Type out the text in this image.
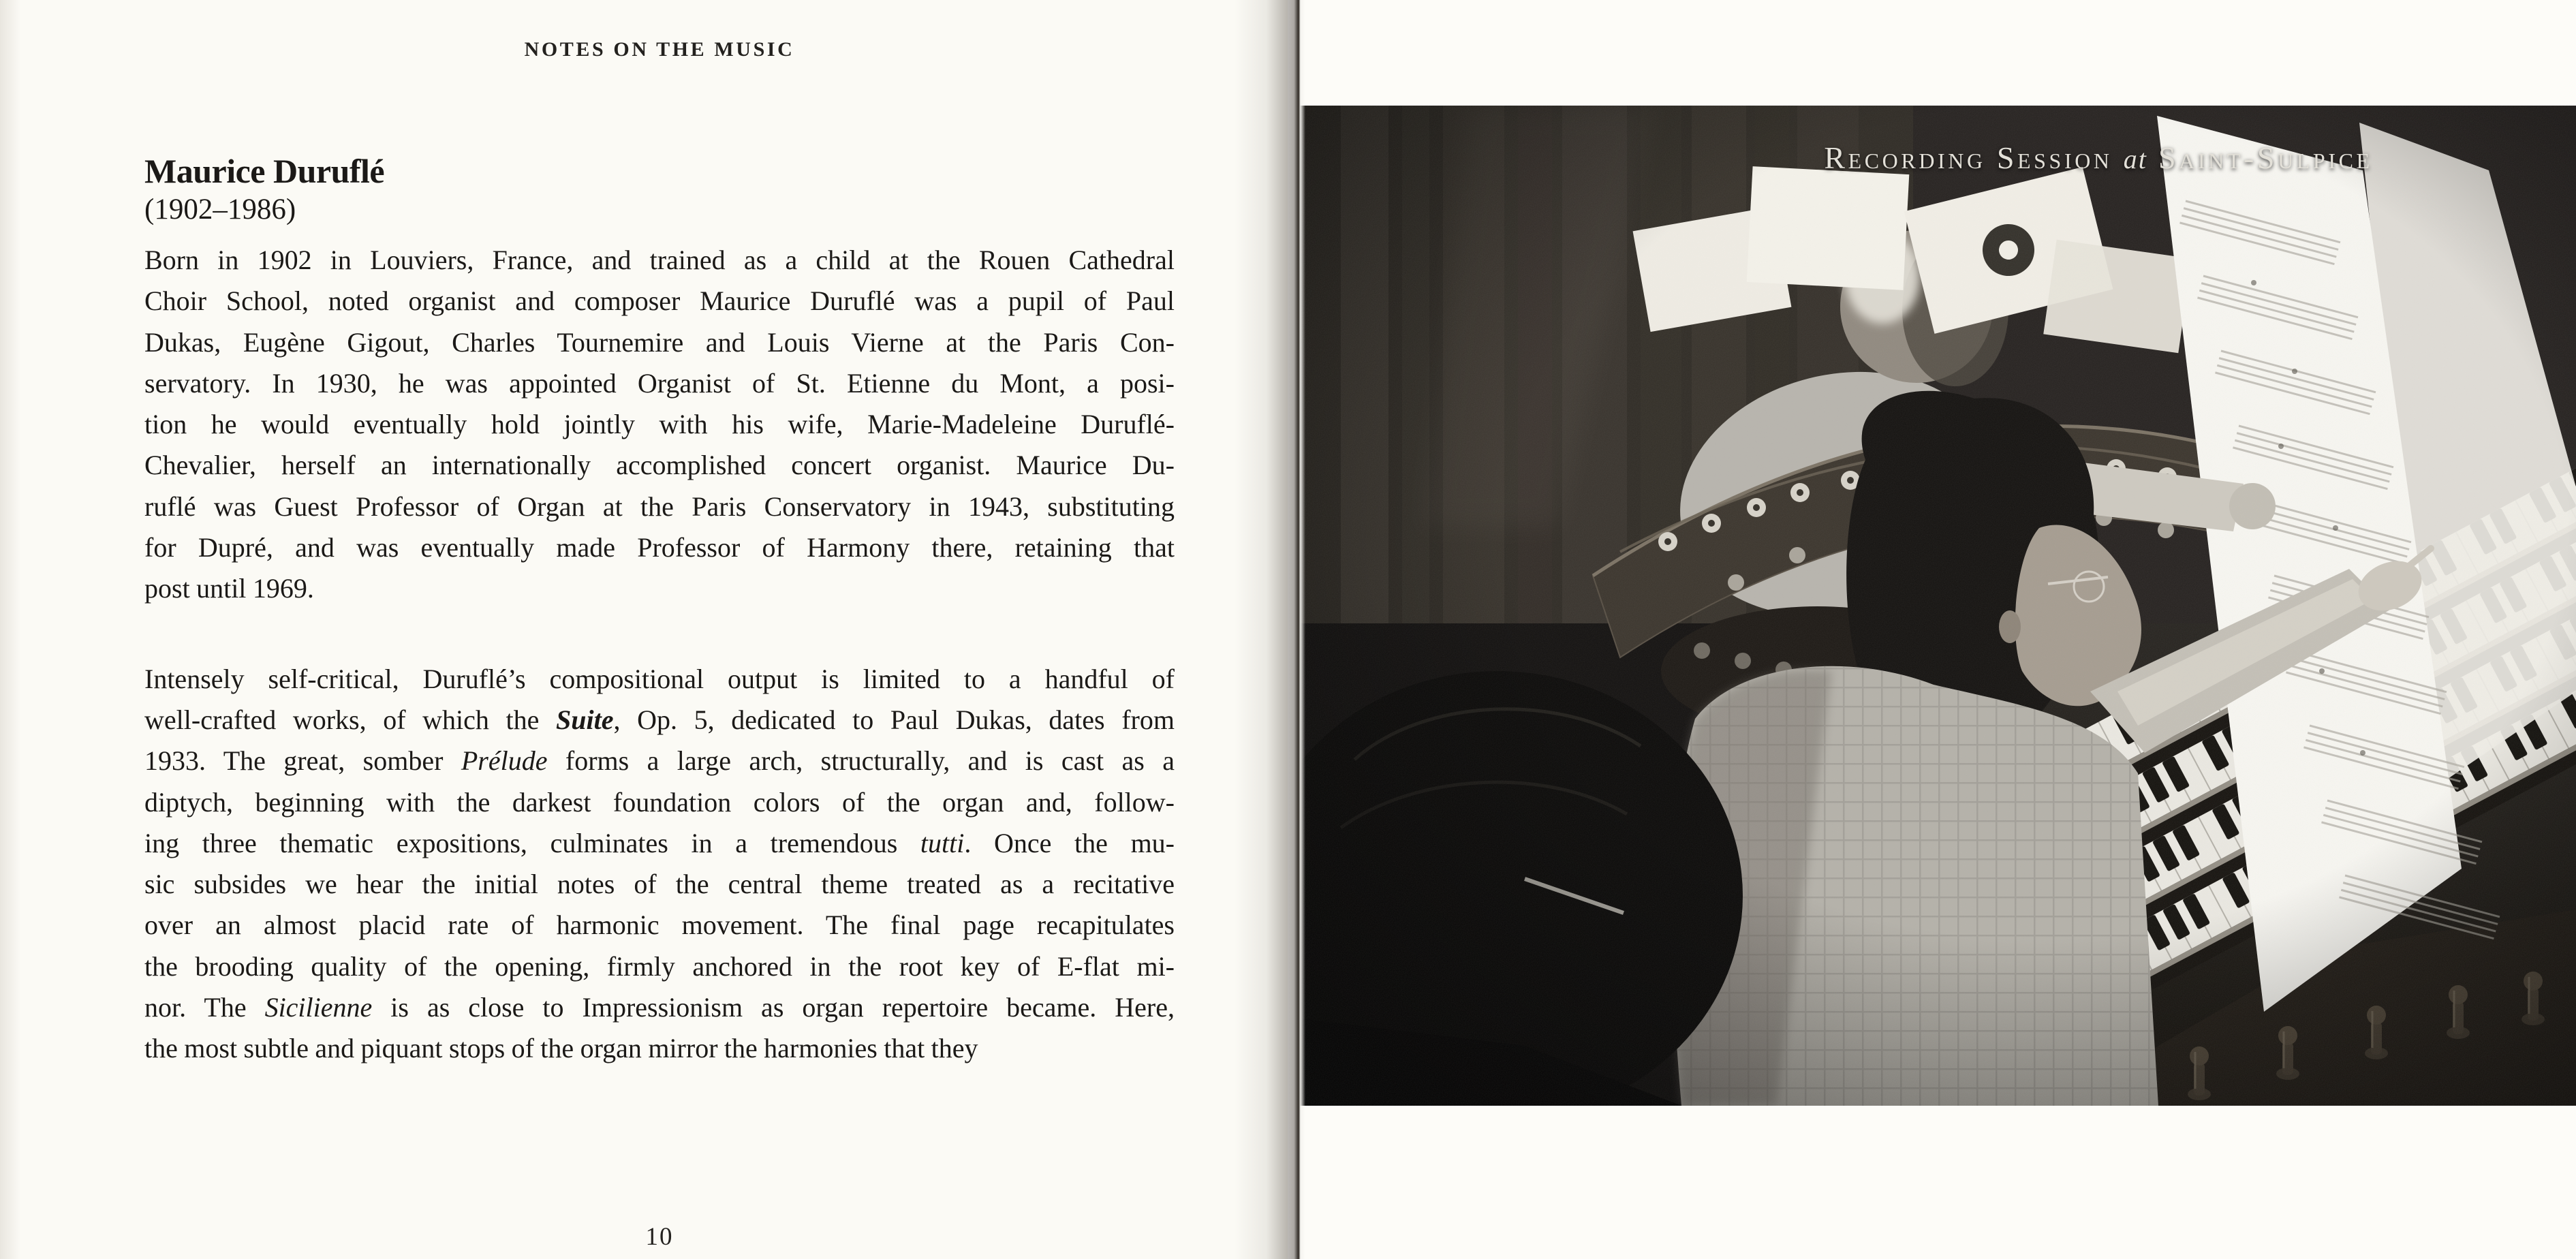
NOTES ON THE MUSIC
Maurice Duruflé
(1902–1986)
Born in 1902 in Louviers, France, and trained as a child at the Rouen Cathedral
Choir School, noted organist and composer Maurice Duruflé was a pupil of Paul
Dukas, Eugène Gigout, Charles Tournemire and Louis Vierne at the Paris Con-
servatory. In 1930, he was appointed Organist of St. Etienne du Mont, a posi-
tion he would eventually hold jointly with his wife, Marie-Madeleine Duruflé-
Chevalier, herself an internationally accomplished concert organist. Maurice Du-
ruflé was Guest Professor of Organ at the Paris Conservatory in 1943, substituting
for Dupré, and was eventually made Professor of Harmony there, retaining that
post until 1969.
Intensely self-critical, Duruflé’s compositional output is limited to a handful of
well-crafted works, of which the Suite, Op. 5, dedicated to Paul Dukas, dates from
1933. The great, somber Prélude forms a large arch, structurally, and is cast as a
diptych, beginning with the darkest foundation colors of the organ and, follow-
ing three thematic expositions, culminates in a tremendous tutti. Once the mu-
sic subsides we hear the initial notes of the central theme treated as a recitative
over an almost placid rate of harmonic movement. The final page recapitulates
the brooding quality of the opening, firmly anchored in the root key of E-flat mi-
nor. The Sicilienne is as close to Impressionism as organ repertoire became. Here,
the most subtle and piquant stops of the organ mirror the harmonies that they
10
Recording Session at Saint-Sulpice
